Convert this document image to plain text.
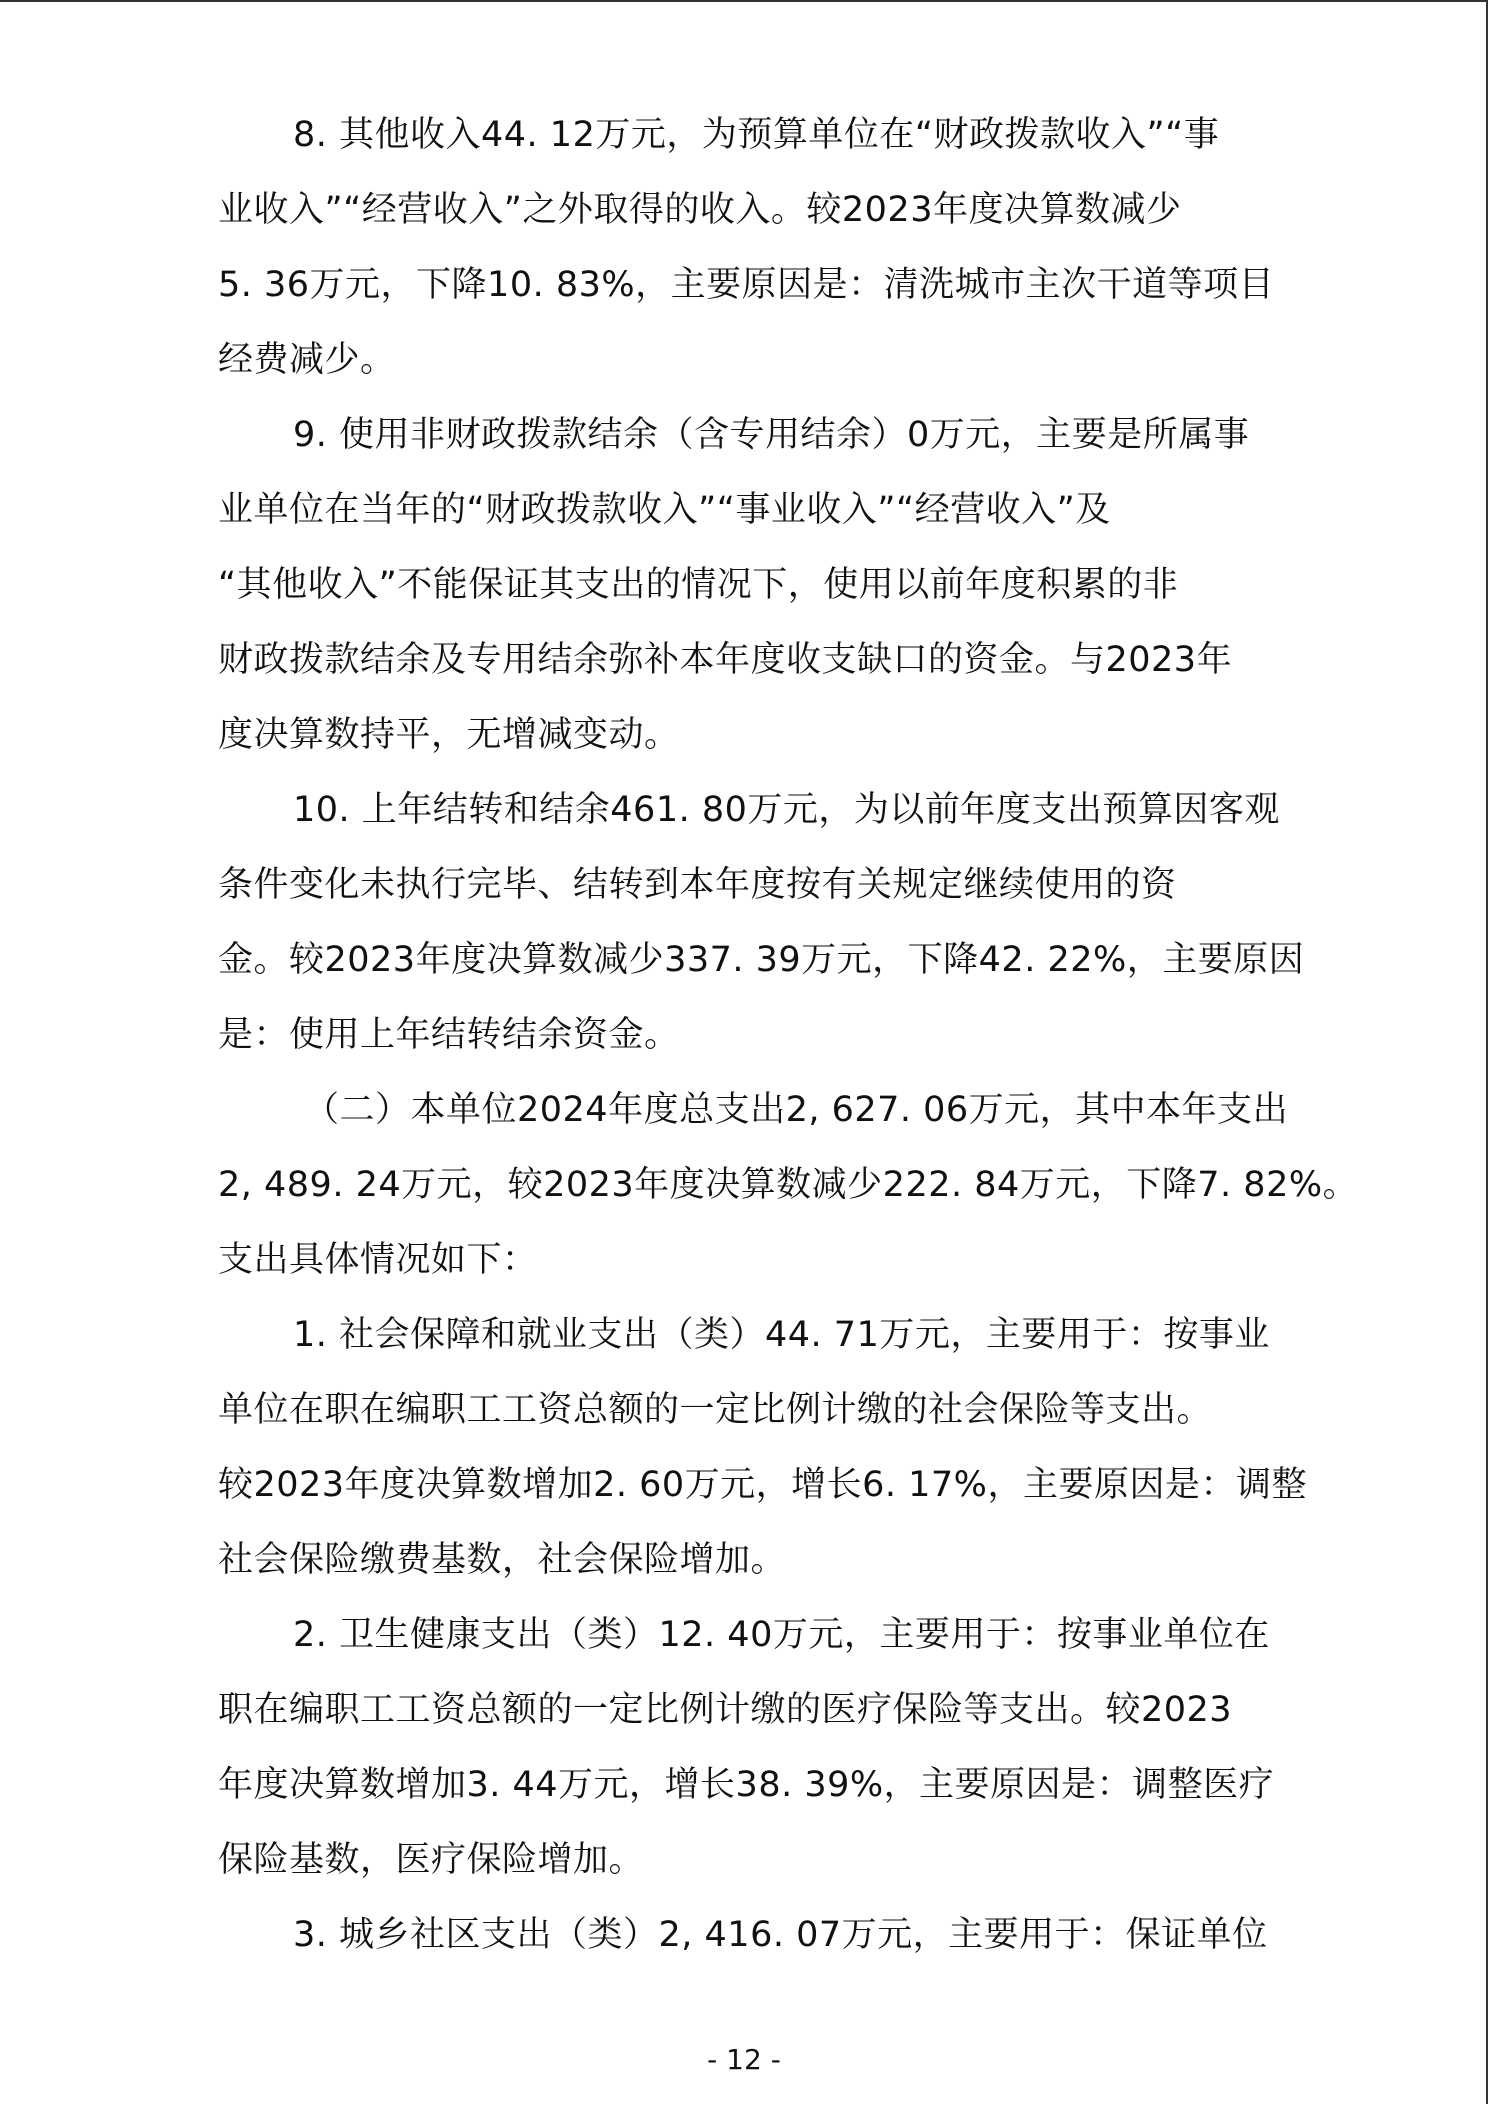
8. 其他收入44. 12万元，为预算单位在“财政拨款收入”“事
业收入”“经营收入”之外取得的收入。较2023年度决算数减少
5. 36万元，下降10. 83%，主要原因是：清洗城市主次干道等项目
经费减少。
9. 使用非财政拨款结余（含专用结余）0万元，主要是所属事
业单位在当年的“财政拨款收入”“事业收入”“经营收入”及
“其他收入”不能保证其支出的情况下，使用以前年度积累的非
财政拨款结余及专用结余弥补本年度收支缺口的资金。与2023年
度决算数持平，无增减变动。
10. 上年结转和结余461. 80万元，为以前年度支出预算因客观
条件变化未执行完毕、结转到本年度按有关规定继续使用的资
金。较2023年度决算数减少337. 39万元，下降42. 22%，主要原因
是：使用上年结转结余资金。
（二）本单位2024年度总支出2, 627. 06万元，其中本年支出
2, 489. 24万元，较2023年度决算数减少222. 84万元，下降7. 82%。
支出具体情况如下：
1. 社会保障和就业支出（类）44. 71万元，主要用于：按事业
单位在职在编职工工资总额的一定比例计缴的社会保险等支出。
较2023年度决算数增加2. 60万元，增长6. 17%，主要原因是：调整
社会保险缴费基数，社会保险增加。
2. 卫生健康支出（类）12. 40万元，主要用于：按事业单位在
职在编职工工资总额的一定比例计缴的医疗保险等支出。较2023
年度决算数增加3. 44万元，增长38. 39%，主要原因是：调整医疗
保险基数，医疗保险增加。
3. 城乡社区支出（类）2, 416. 07万元，主要用于：保证单位
- 12 -
